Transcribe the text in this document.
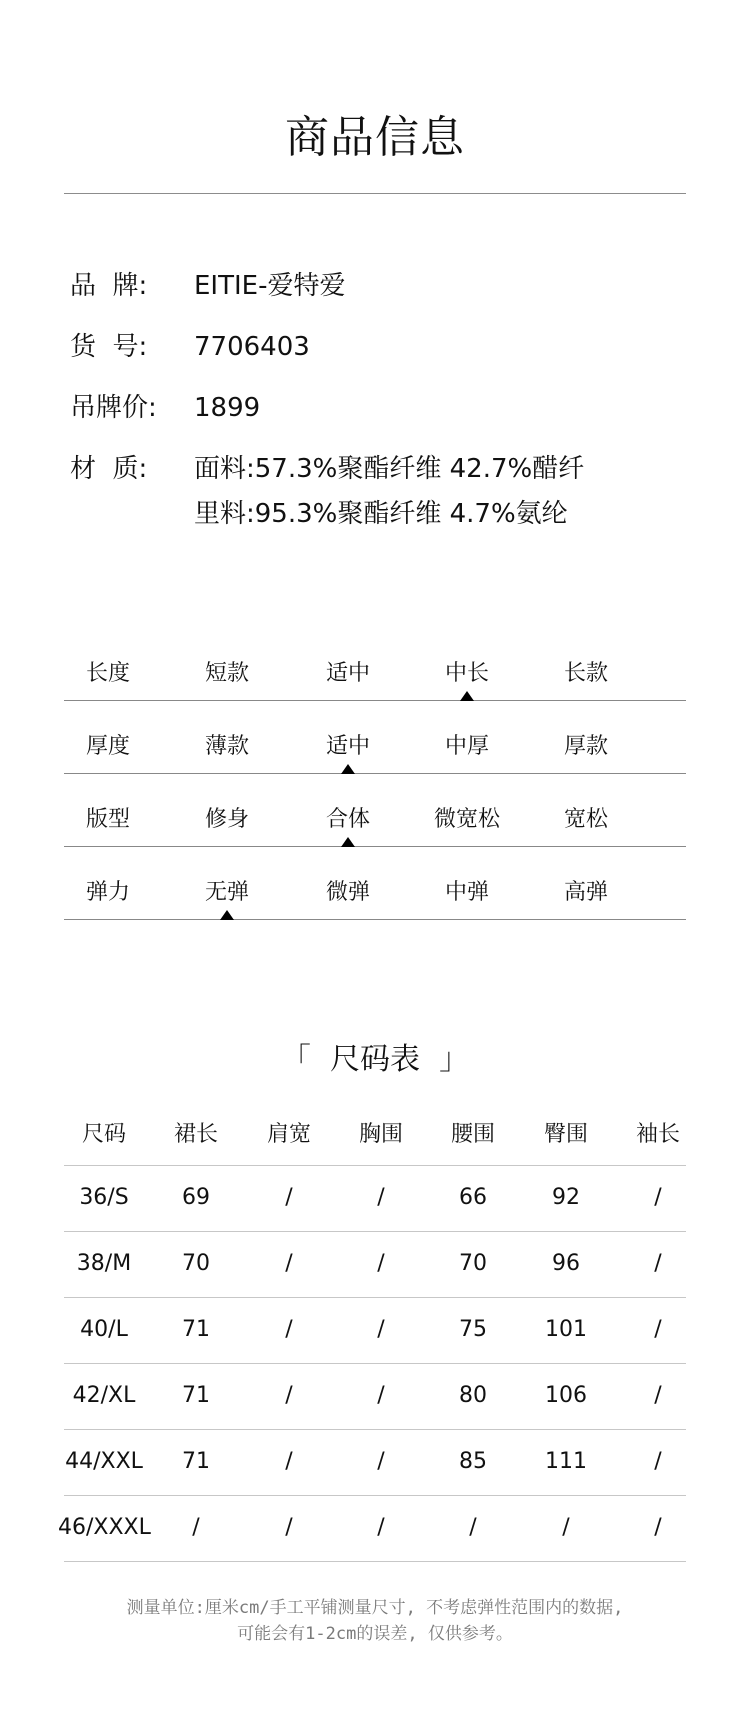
商品信息
品  牌: EITIE-爱特爱
货  号: 7706403
吊牌价: 1899
材  质: 面料:57.3%聚酯纤维 42.7%醋纤
里料:95.3%聚酯纤维 4.7%氨纶
长度	短款	适中	中长	长款
厚度	薄款	适中	中厚	厚款
版型	修身	合体	微宽松	宽松
弹力	无弹	微弹	中弹	高弹
「  尺码表  」
尺码	裙长	肩宽	胸围	腰围	臀围	袖长
36/S	69	/	/	66	92	/
38/M	70	/	/	70	96	/
40/L	71	/	/	75	101	/
42/XL	71	/	/	80	106	/
44/XXL	71	/	/	85	111	/
46/XXXL	/	/	/	/	/	/
测量单位:厘米cm/手工平铺测量尺寸, 不考虑弹性范围内的数据,
可能会有1-2cm的误差, 仅供参考。
